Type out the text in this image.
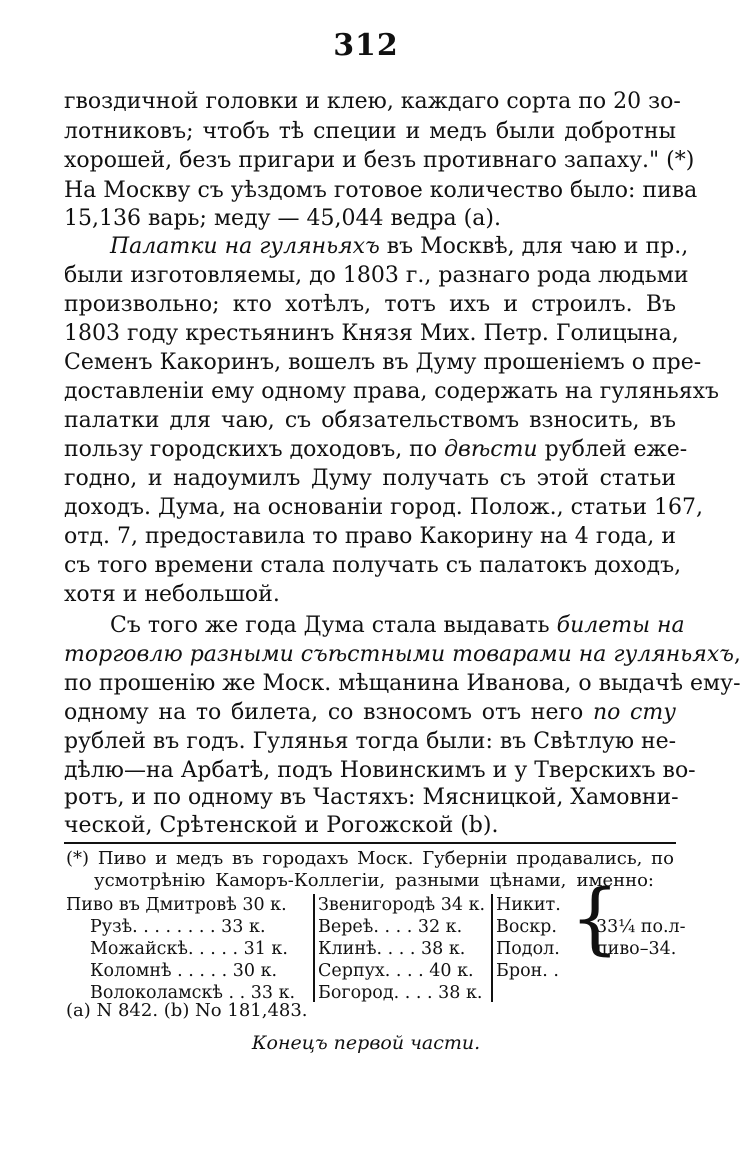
312
гвоздичной головки и клею, каждаго сорта по 20 зо-
лотниковъ; чтобъ тѣ специи и медъ были добротны
хорошей, безъ пригари и безъ противнаго запаху." (*)
На Москву съ уѣздомъ готовое количество было: пива
15,136 варь; меду — 45,044 ведра (а).
Палатки на гуляньяхъ въ Москвѣ, для чаю и пр.,
были изготовляемы, до 1803 г., разнаго рода людьми
произвольно; кто хотѣлъ, тотъ ихъ и строилъ. Въ
1803 году крестьянинъ Князя Мих. Петр. Голицына,
Семенъ Какоринъ, вошелъ въ Думу прошеніемъ о пре-
доставленіи ему одному права, содержать на гуляньяхъ
палатки для чаю, съ обязательствомъ взносить, въ
пользу городскихъ доходовъ, по двѣсти рублей еже-
годно, и надоумилъ Думу получать съ этой статьи
доходъ. Дума, на основаніи город. Полож., статьи 167,
отд. 7, предоставила то право Какорину на 4 года, и
съ того времени стала получать съ палатокъ доходъ,
хотя и небольшой.
Съ того же года Дума стала выдавать билеты на
торговлю разными съѣстными товарами на гуляньяхъ,
по прошенію же Моск. мѣщанина Иванова, о выдачѣ ему-
одному на то билета, со взносомъ отъ него по сту
рублей въ годъ. Гулянья тогда были: въ Свѣтлую не-
дѣлю—на Арбатѣ, подъ Новинскимъ и у Тверскихъ во-
ротъ, и по одному въ Частяхъ: Мясницкой, Хамовни-
ческой, Срѣтенской и Рогожской (b).
(*) Пиво и медъ въ городахъ Моск. Губерніи продавались, по
усмотрѣнію Каморъ-Коллегіи, разными цѣнами, именно:
Пиво въ Дмитровѣ 30 к.
Рузѣ. . . . . . . . 33 к.
Можайскѣ. . . . . 31 к.
Коломнѣ . . . . . 30 к.
Волоколамскѣ . . 33 к.
Звенигородѣ 34 к.
Верeѣ. . . . 32 к.
Клинѣ. . . . 38 к.
Серпух. . . . 40 к.
Богород. . . . 38 к.
Никит.
Воскр.
Подол.
Брон. .
{
33¼ по.л-
пиво–34.
(а) N 842. (b) No 181,483.
Конецъ первой части.
